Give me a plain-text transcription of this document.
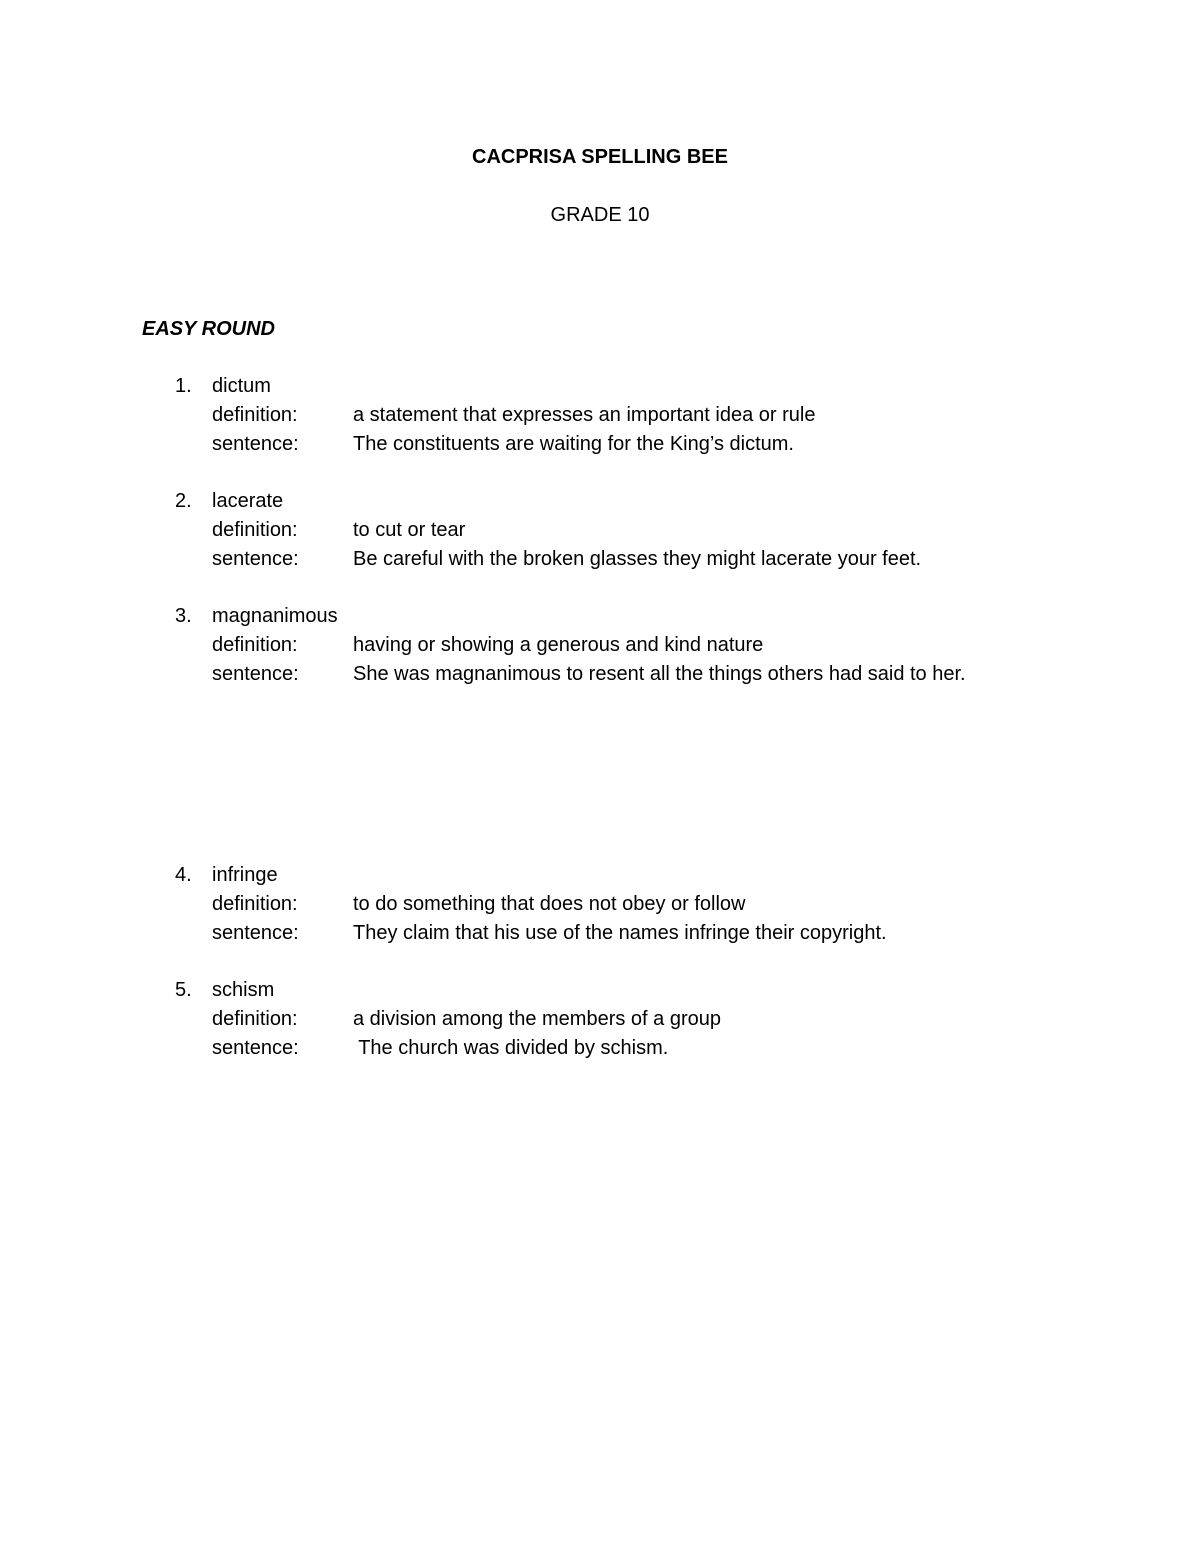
CACPRISA SPELLING BEE
GRADE 10
EASY ROUND
1. dictum
definition:	a statement that expresses an important idea or rule
sentence:	The constituents are waiting for the King’s dictum.
2. lacerate
definition:	to cut or tear
sentence:	Be careful with the broken glasses they might lacerate your feet.
3. magnanimous
definition:	having or showing a generous and kind nature
sentence:	She was magnanimous to resent all the things others had said to her.
4. infringe
definition:	to do something that does not obey or follow
sentence:	They claim that his use of the names infringe their copyright.
5. schism
definition:	a division among the members of a group
sentence:	The church was divided by schism.
